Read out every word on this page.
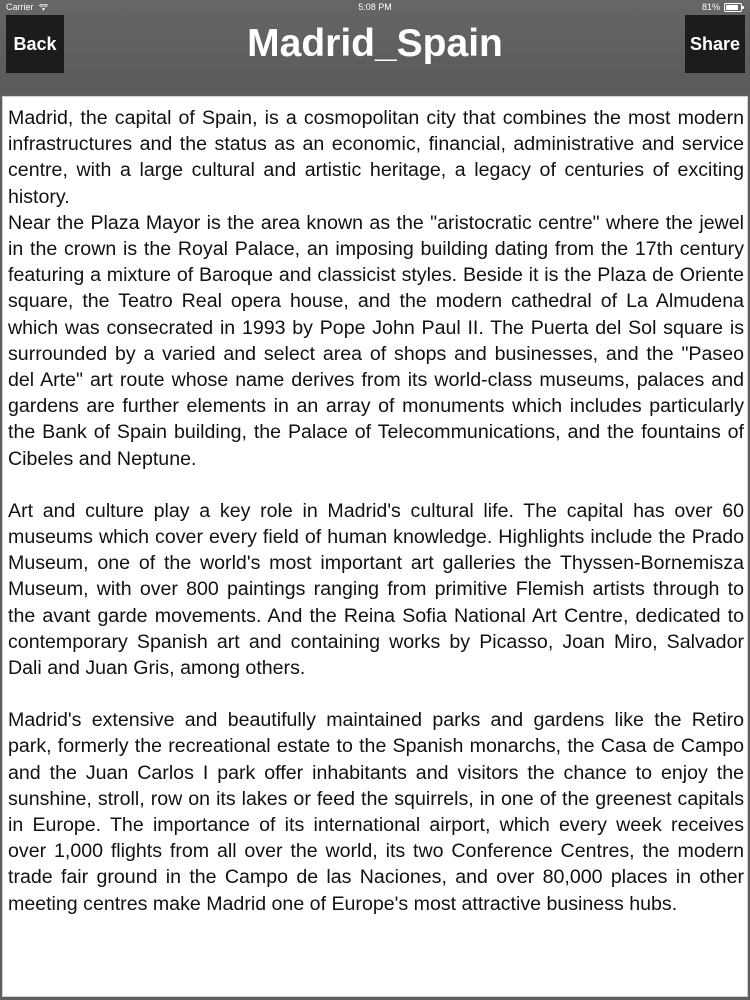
Back	Madrid_Spain	Share
Carrier	5:08 PM	81%

Madrid, the capital of Spain, is a cosmopolitan city that combines the most modern infrastructures and the status as an economic, financial, administrative and service centre, with a large cultural and artistic heritage, a legacy of centuries of exciting history.

Near the Plaza Mayor is the area known as the "aristocratic centre" where the jewel in the crown is the Royal Palace, an imposing building dating from the 17th century featuring a mixture of Baroque and classicist styles. Beside it is the Plaza de Oriente square, the Teatro Real opera house, and the modern cathedral of La Almudena which was consecrated in 1993 by Pope John Paul II. The Puerta del Sol square is surrounded by a varied and select area of shops and businesses, and the "Paseo del Arte" art route whose name derives from its world-class museums, palaces and gardens are further elements in an array of monuments which includes particularly the Bank of Spain building, the Palace of Telecommunications, and the fountains of Cibeles and Neptune.

Art and culture play a key role in Madrid's cultural life. The capital has over 60 museums which cover every field of human knowledge. Highlights include the Prado Museum, one of the world's most important art galleries the Thyssen-Bornemisza Museum, with over 800 paintings ranging from primitive Flemish artists through to the avant garde movements. And the Reina Sofia National Art Centre, dedicated to contemporary Spanish art and containing works by Picasso, Joan Miro, Salvador Dali and Juan Gris, among others.

Madrid's extensive and beautifully maintained parks and gardens like the Retiro park, formerly the recreational estate to the Spanish monarchs, the Casa de Campo and the Juan Carlos I park offer inhabitants and visitors the chance to enjoy the sunshine, stroll, row on its lakes or feed the squirrels, in one of the greenest capitals in Europe. The importance of its international airport, which every week receives over 1,000 flights from all over the world, its two Conference Centres, the modern trade fair ground in the Campo de las Naciones, and over 80,000 places in other meeting centres make Madrid one of Europe's most attractive business hubs.
